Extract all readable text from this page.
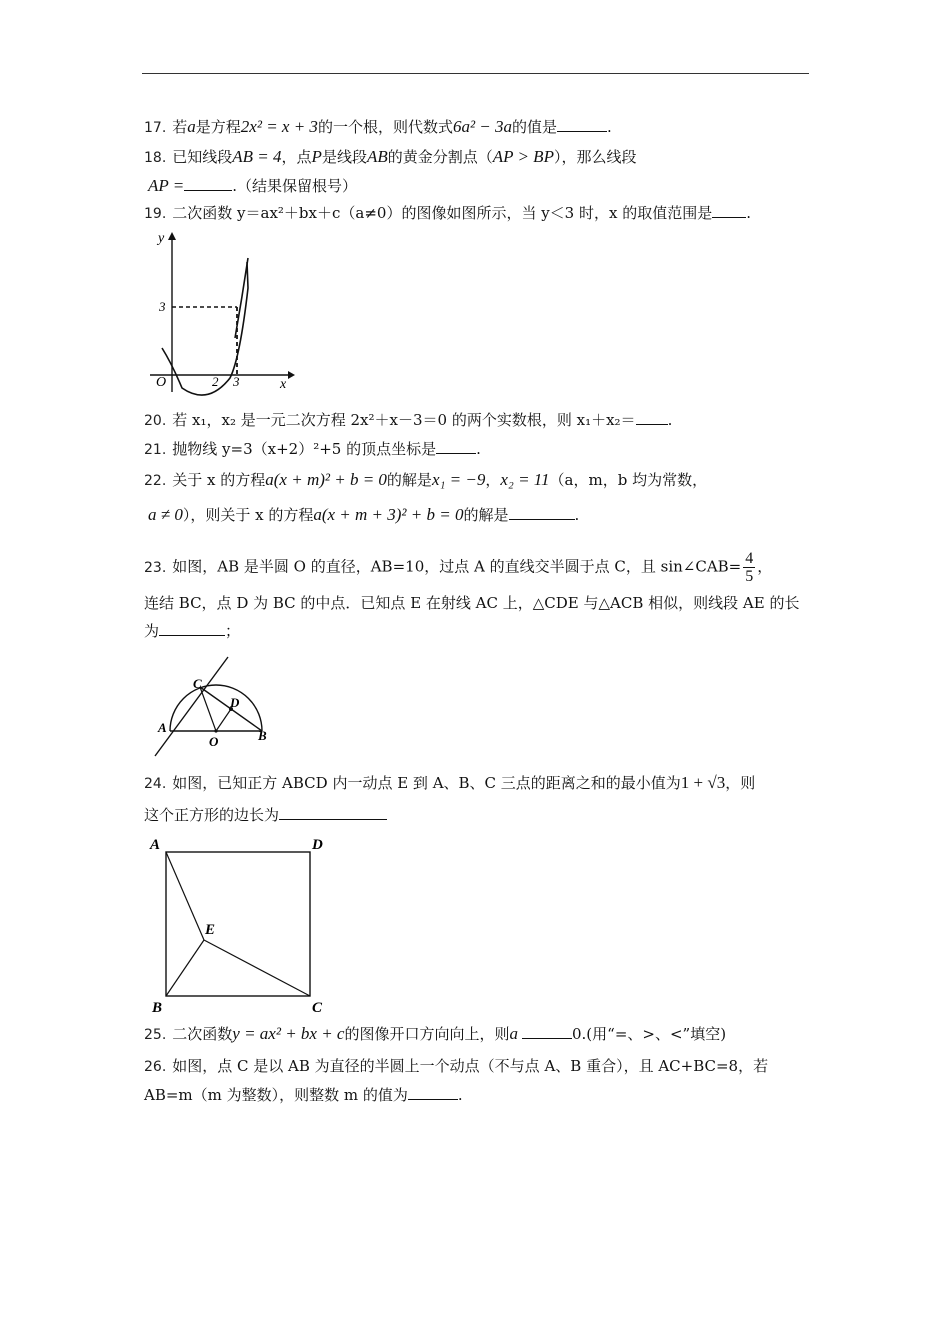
17. 若a是方程2x² = x + 3的一个根，则代数式6a² − 3a的值是	.
18. 已知线段AB = 4，点P是线段AB的黄金分割点（AP > BP），那么线段
AP =	.（结果保留根号）
19. 二次函数 y＝ax²＋bx＋c（a≠0）的图像如图所示，当 y＜3 时，x 的取值范围是 .
y
3
O	2 3	x
20. 若 x₁，x₂ 是一元二次方程 2x²＋x－3＝0 的两个实数根，则 x₁＋x₂＝ .
21. 抛物线 y=3（x+2）²+5 的顶点坐标是	.
22. 关于 x 的方程a(x + m)² + b = 0的解是x₁ = −9，x₂ = 11（a，m，b 均为常数，
a ≠ 0），则关于 x 的方程a(x + m + 3)² + b = 0的解是	.
23. 如图，AB 是半圆 O 的直径，AB=10，过点 A 的直线交半圆于点 C，且 sin∠CAB= $\frac{4}{5}$ ，
连结 BC，点 D 为 BC 的中点．已知点 E 在射线 AC 上，△CDE 与△ACB 相似，则线段 AE 的长
为	；
C
D
A
O	B
24. 如图，已知正方 ABCD 内一动点 E 到 A、B、C 三点的距离之和的最小值为1 + √3，则
这个正方形的边长为
A	D
E
B	C
25. 二次函数y = ax² + bx + c的图像开口方向向上，则a	0.(用“=、>、<”填空)
26. 如图，点 C 是以 AB 为直径的半圆上一个动点（不与点 A、B 重合），且 AC+BC=8，若
AB=m（m 为整数），则整数 m 的值为	.
